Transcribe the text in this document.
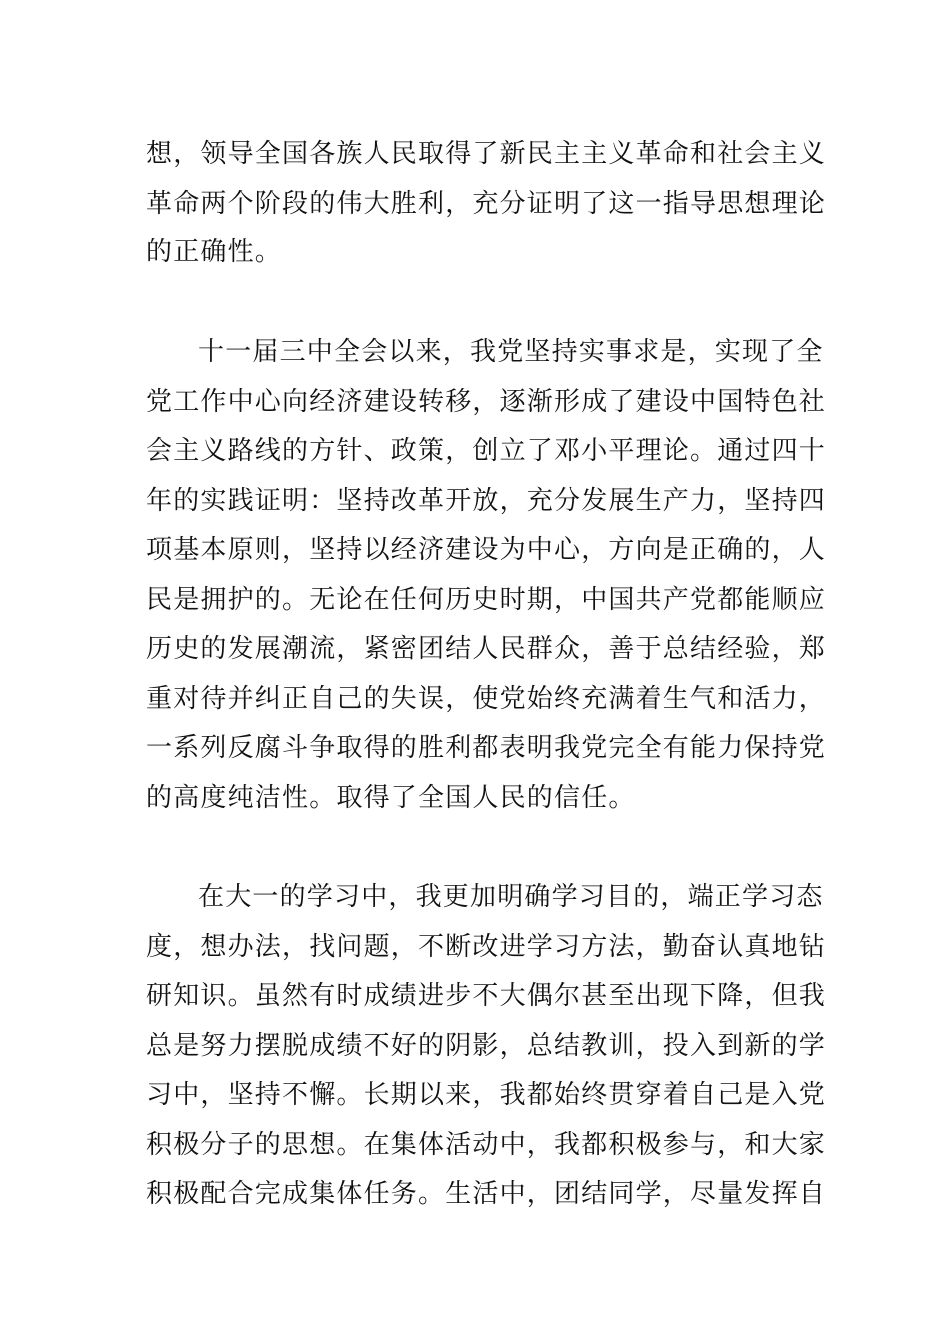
想，领导全国各族人民取得了新民主主义革命和社会主义
革命两个阶段的伟大胜利，充分证明了这一指导思想理论
的正确性。
十一届三中全会以来，我党坚持实事求是，实现了全
党工作中心向经济建设转移，逐渐形成了建设中国特色社
会主义路线的方针、政策，创立了邓小平理论。通过四十
年的实践证明：坚持改革开放，充分发展生产力，坚持四
项基本原则，坚持以经济建设为中心，方向是正确的，人
民是拥护的。无论在任何历史时期，中国共产党都能顺应
历史的发展潮流，紧密团结人民群众，善于总结经验，郑
重对待并纠正自己的失误，使党始终充满着生气和活力，
一系列反腐斗争取得的胜利都表明我党完全有能力保持党
的高度纯洁性。取得了全国人民的信任。
在大一的学习中，我更加明确学习目的，端正学习态
度，想办法，找问题，不断改进学习方法，勤奋认真地钻
研知识。虽然有时成绩进步不大偶尔甚至出现下降，但我
总是努力摆脱成绩不好的阴影，总结教训，投入到新的学
习中，坚持不懈。长期以来，我都始终贯穿着自己是入党
积极分子的思想。在集体活动中，我都积极参与，和大家
积极配合完成集体任务。生活中，团结同学，尽量发挥自
